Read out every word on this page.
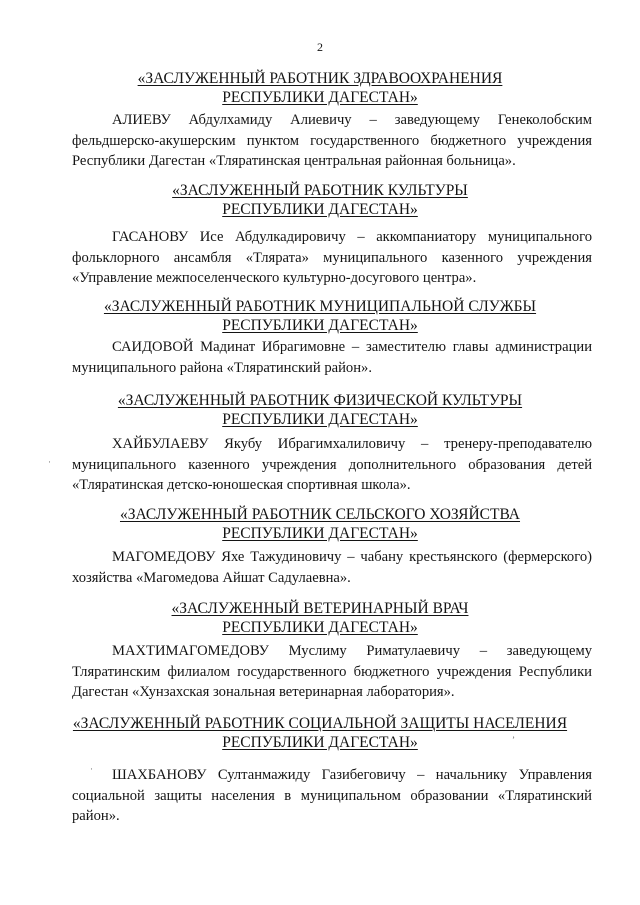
2
«ЗАСЛУЖЕННЫЙ РАБОТНИК ЗДРАВООХРАНЕНИЯ
РЕСПУБЛИКИ ДАГЕСТАН»

АЛИЕВУ Абдулхамиду Алиевичу – заведующему Генеколобским фельдшерско-акушерским пунктом государственного бюджетного учреждения Республики Дагестан «Тляратинская центральная районная больница».

«ЗАСЛУЖЕННЫЙ РАБОТНИК КУЛЬТУРЫ
РЕСПУБЛИКИ ДАГЕСТАН»

ГАСАНОВУ Исе Абдулкадировичу – аккомпаниатору муниципального фольклорного ансамбля «Тлярата» муниципального казенного учреждения «Управление межпоселенческого культурно-досугового центра».

«ЗАСЛУЖЕННЫЙ РАБОТНИК МУНИЦИПАЛЬНОЙ СЛУЖБЫ
РЕСПУБЛИКИ ДАГЕСТАН»

САИДОВОЙ Мадинат Ибрагимовне – заместителю главы администрации муниципального района «Тляратинский район».

«ЗАСЛУЖЕННЫЙ РАБОТНИК ФИЗИЧЕСКОЙ КУЛЬТУРЫ
РЕСПУБЛИКИ ДАГЕСТАН»

ХАЙБУЛАЕВУ Якубу Ибрагимхалиловичу – тренеру-преподавателю муниципального казенного учреждения дополнительного образования детей «Тляратинская детско-юношеская спортивная школа».

«ЗАСЛУЖЕННЫЙ РАБОТНИК СЕЛЬСКОГО ХОЗЯЙСТВА
РЕСПУБЛИКИ ДАГЕСТАН»

МАГОМЕДОВУ Яхе Тажудиновичу – чабану крестьянского (фермерского) хозяйства «Магомедова Айшат Садулаевна».

«ЗАСЛУЖЕННЫЙ ВЕТЕРИНАРНЫЙ ВРАЧ
РЕСПУБЛИКИ ДАГЕСТАН»

МАХТИМАГОМЕДОВУ Муслиму Риматулаевичу – заведующему Тляратинским филиалом государственного бюджетного учреждения Республики Дагестан «Хунзахская зональная ветеринарная лаборатория».

«ЗАСЛУЖЕННЫЙ РАБОТНИК СОЦИАЛЬНОЙ ЗАЩИТЫ НАСЕЛЕНИЯ
РЕСПУБЛИКИ ДАГЕСТАН»

ШАХБАНОВУ Султанмажиду Газибеговичу – начальнику Управления социальной защиты населения в муниципальном образовании «Тляратинский район».

·
·
ʼ
